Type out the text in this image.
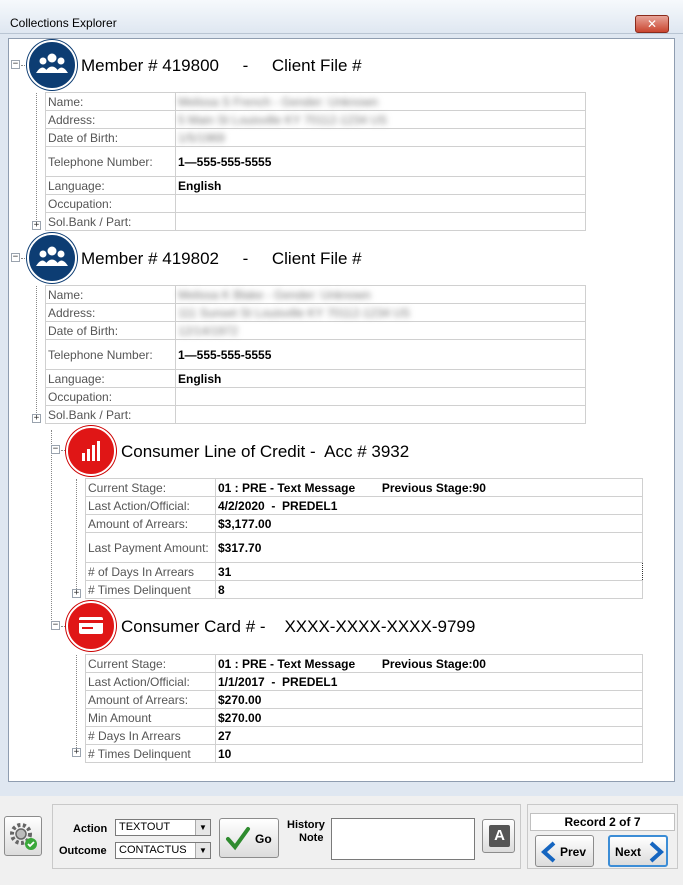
Collections Explorer	✕
−	Member # 419800     -     Client File #
Name:	Melissa S French - Gender: Unknown
Address:	5 Main St Louisville KY 70112-1234 US
Date of Birth:	1/5/1969
Telephone Number:	1—555-555-5555
Language:	English
Occupation:	
Sol.Bank / Part:	
+
−	Member # 419802     -     Client File #
Name:	Melissa K Blake - Gender: Unknown
Address:	111 Sunset St Louisville KY 70112-1234 US
Date of Birth:	12/14/1972
Telephone Number:	1—555-555-5555
Language:	English
Occupation:	
Sol.Bank / Part:	
+
−	Consumer Line of Credit -  Acc # 3932
Current Stage:	01 : PRE - Text Message        Previous Stage:90
Last Action/Official:	4/2/2020  -  PREDEL1
Amount of Arrears:	$3,177.00
Last Payment Amount:	$317.70
# of Days In Arrears	31
# Times Delinquent	8
+
−	Consumer Card # -    XXXX-XXXX-XXXX-9799
Current Stage:	01 : PRE - Text Message        Previous Stage:00
Last Action/Official:	1/1/2017  -  PREDEL1
Amount of Arrears:	$270.00
Min Amount	$270.00
# Days In Arrears	27
# Times Delinquent	10
+
Action	TEXTOUT	▼
Outcome	CONTACTUS	▼
Go
History
Note	A
Record 2 of 7
Prev Next
